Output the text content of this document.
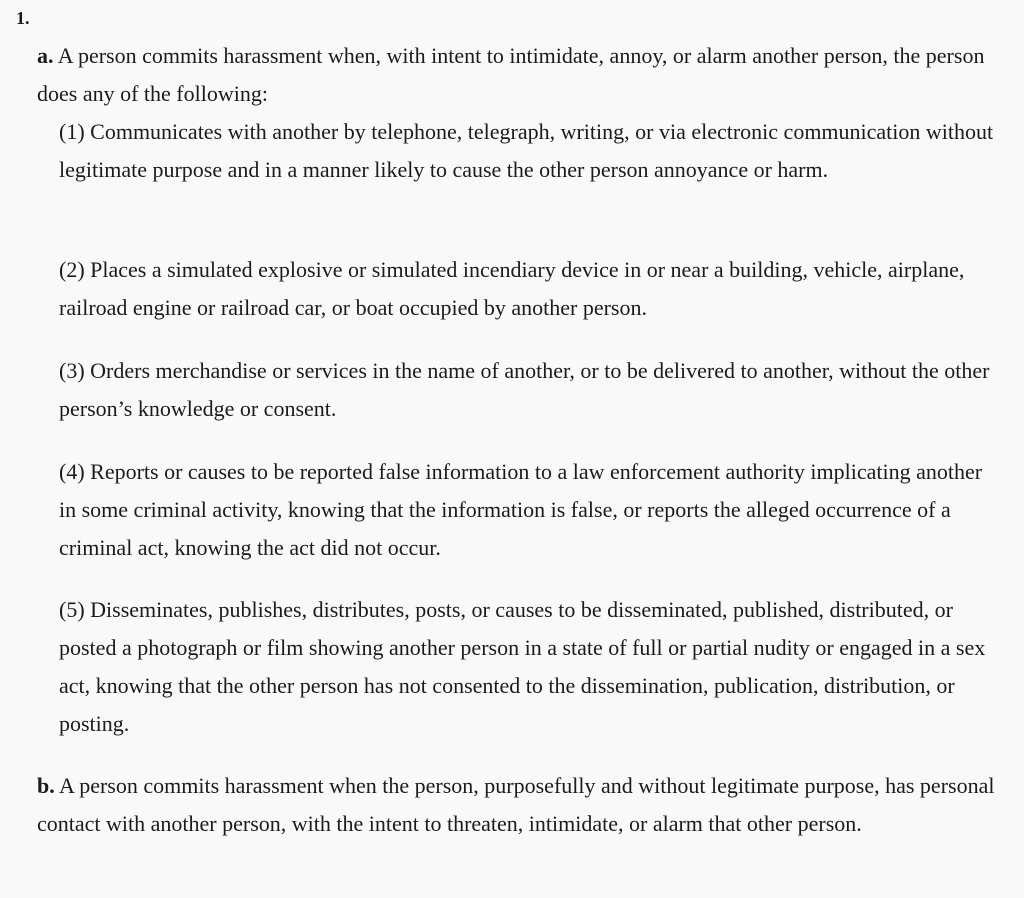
1.

a. A person commits harassment when, with intent to intimidate, annoy, or alarm another person, the person does any of the following:

(1) Communicates with another by telephone, telegraph, writing, or via electronic communication without legitimate purpose and in a manner likely to cause the other person annoyance or harm.

(2) Places a simulated explosive or simulated incendiary device in or near a building, vehicle, airplane, railroad engine or railroad car, or boat occupied by another person.

(3) Orders merchandise or services in the name of another, or to be delivered to another, without the other person’s knowledge or consent.

(4) Reports or causes to be reported false information to a law enforcement authority implicating another in some criminal activity, knowing that the information is false, or reports the alleged occurrence of a criminal act, knowing the act did not occur.

(5) Disseminates, publishes, distributes, posts, or causes to be disseminated, published, distributed, or posted a photograph or film showing another person in a state of full or partial nudity or engaged in a sex act, knowing that the other person has not consented to the dissemination, publication, distribution, or posting.

b. A person commits harassment when the person, purposefully and without legitimate purpose, has personal contact with another person, with the intent to threaten, intimidate, or alarm that other person.
